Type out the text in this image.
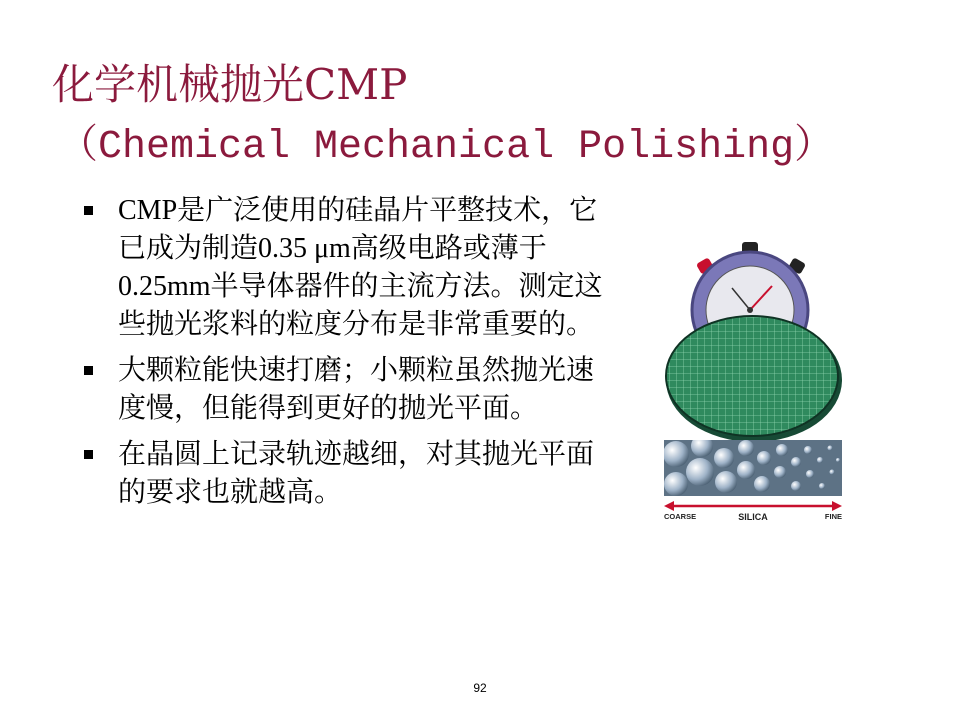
化学机械抛光CMP
（Chemical Mechanical Polishing）
CMP是广泛使用的硅晶片平整技术，它已成为制造0.35 μm高级电路或薄于0.25mm半导体器件的主流方法。测定这些抛光浆料的粒度分布是非常重要的。
大颗粒能快速打磨；小颗粒虽然抛光速度慢，但能得到更好的抛光平面。
在晶圆上记录轨迹越细，对其抛光平面的要求也就越高。
COARSE	SILICA	FINE
92
